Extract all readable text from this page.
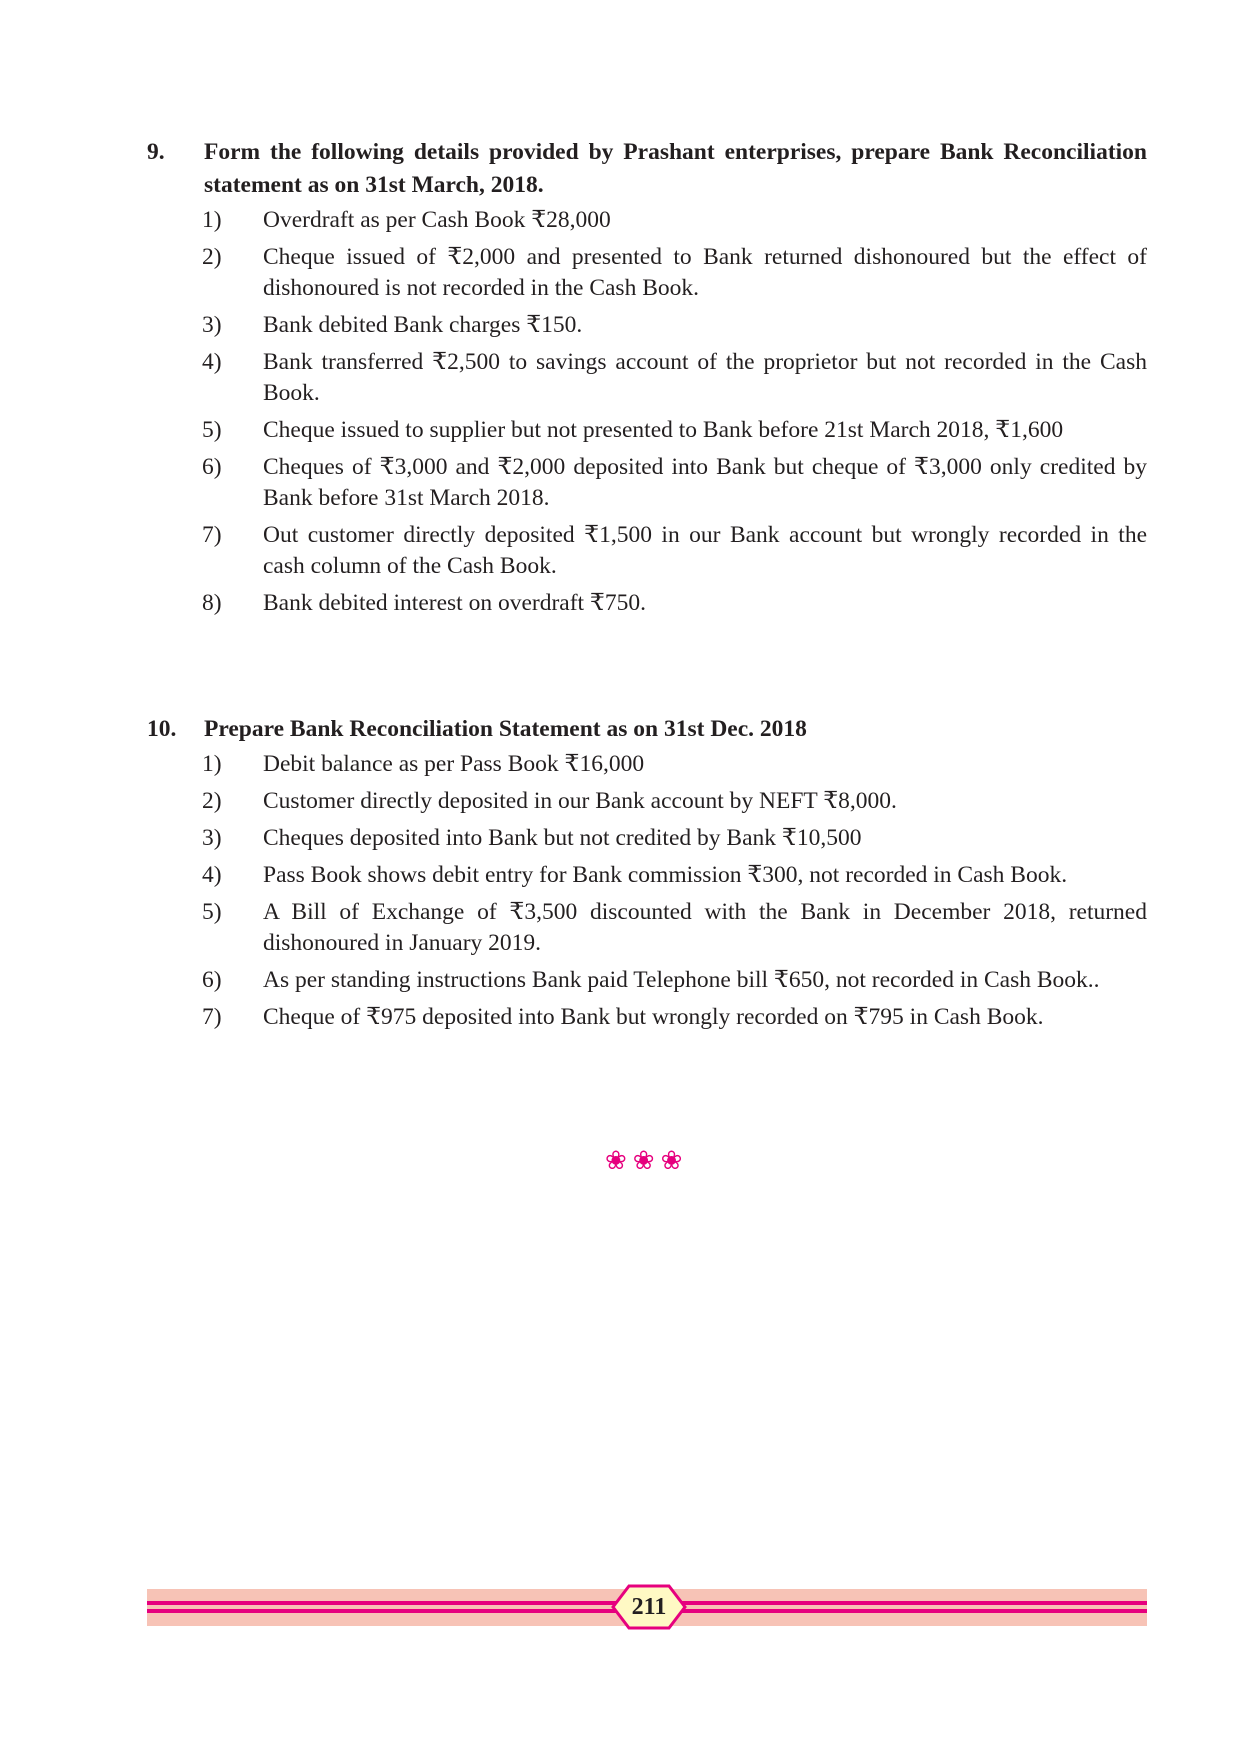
9.	Form the following details provided by Prashant enterprises, prepare Bank Reconciliation statement as on 31st March, 2018.
1)	Overdraft as per Cash Book ₹28,000
2)	Cheque issued of ₹2,000 and presented to Bank returned dishonoured but the effect of dishonoured is not recorded in the Cash Book.
3)	Bank debited Bank charges ₹150.
4)	Bank transferred ₹2,500 to savings account of the proprietor but not recorded in the Cash Book.
5)	Cheque issued to supplier but not presented to Bank before 21st March 2018, ₹1,600
6)	Cheques of ₹3,000 and ₹2,000 deposited into Bank but cheque of ₹3,000 only credited by Bank before 31st March 2018.
7)	Out customer directly deposited ₹1,500 in our Bank account but wrongly recorded in the cash column of the Cash Book.
8)	Bank debited interest on overdraft ₹750.
10.	Prepare Bank Reconciliation Statement as on 31st Dec. 2018
1)	Debit balance as per Pass Book ₹16,000
2)	Customer directly deposited in our Bank account by NEFT ₹8,000.
3)	Cheques deposited into Bank but not credited by Bank ₹10,500
4)	Pass Book shows debit entry for Bank commission ₹300, not recorded in Cash Book.
5)	A Bill of Exchange of ₹3,500 discounted with the Bank in December 2018, returned dishonoured in January 2019.
6)	As per standing instructions Bank paid Telephone bill ₹650, not recorded in Cash Book..
7)	Cheque of ₹975 deposited into Bank but wrongly recorded on ₹795 in Cash Book.
❀❀❀
211
